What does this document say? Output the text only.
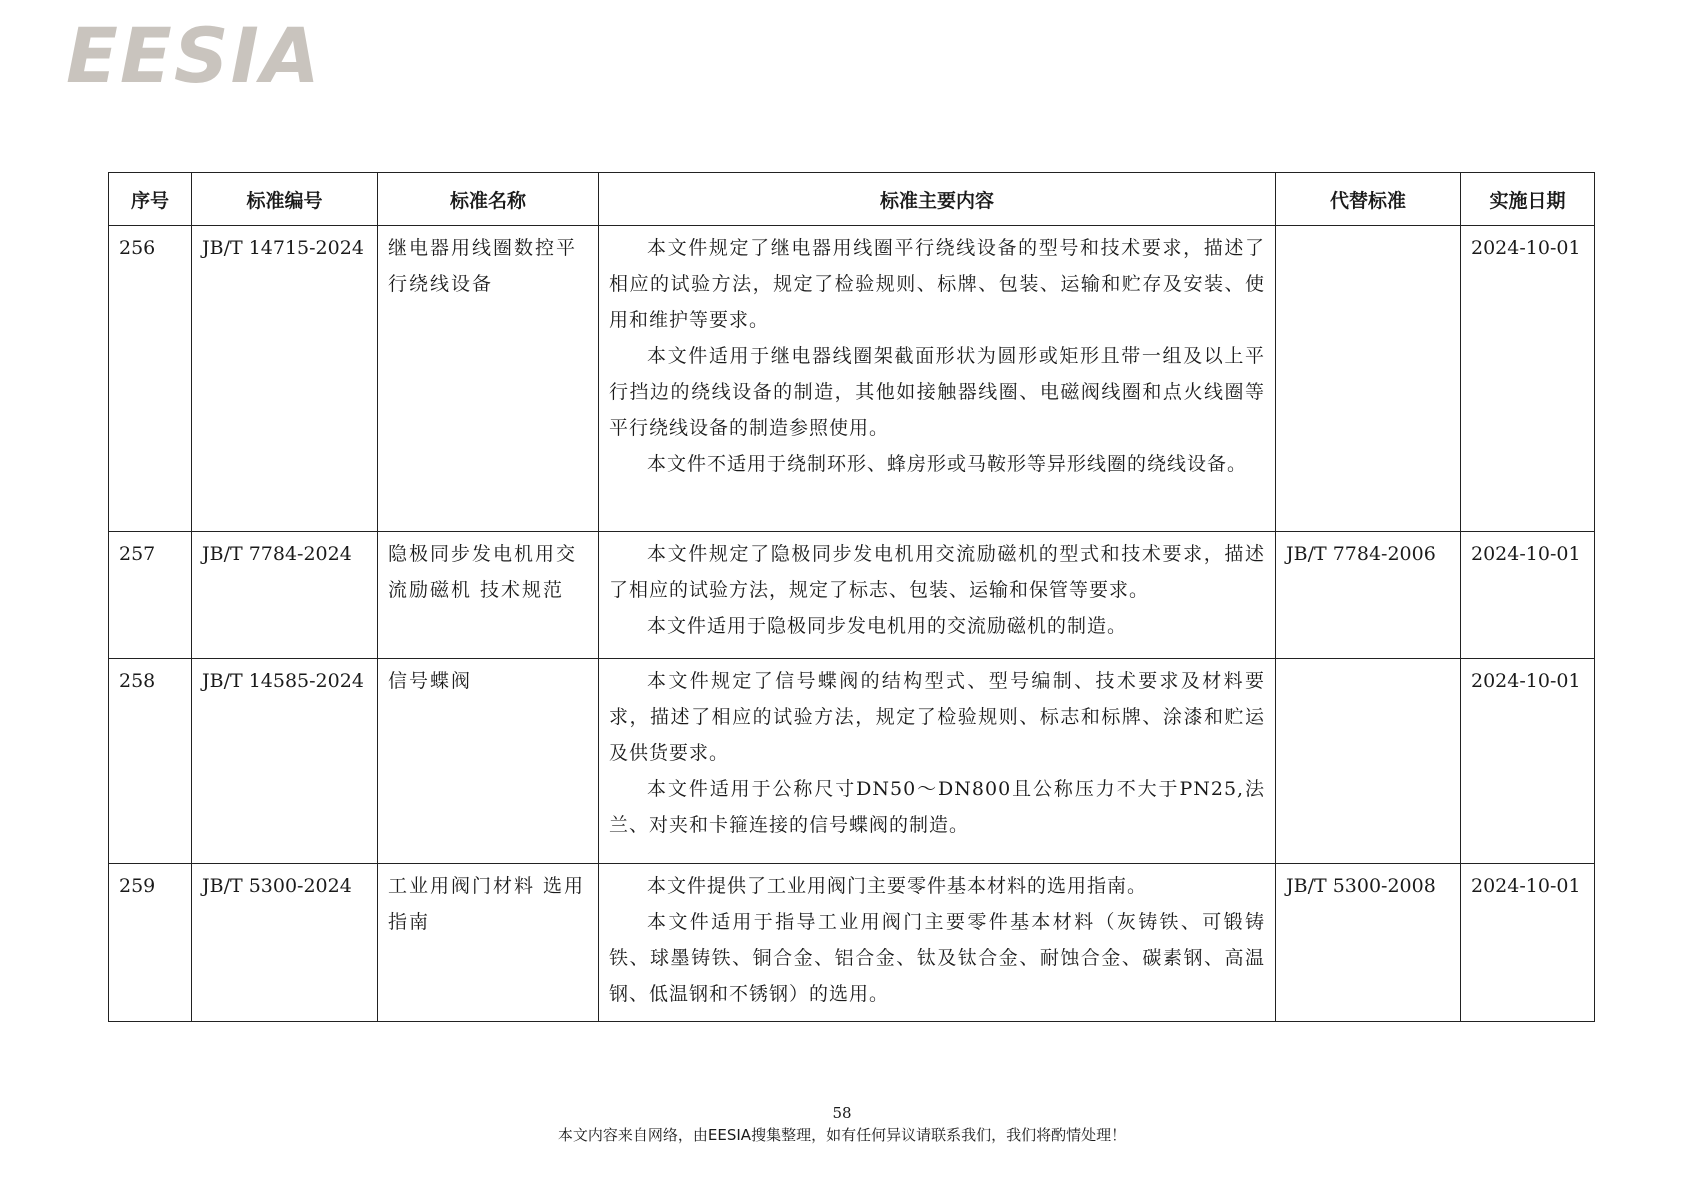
EESIA
序号	标准编号	标准名称	标准主要内容	代替标准	实施日期
256	JB/T 14715-2024	继电器用线圈数控平行绕线设备	本文件规定了继电器用线圈平行绕线设备的型号和技术要求，描述了相应的试验方法，规定了检验规则、标牌、包装、运输和贮存及安装、使用和维护等要求。

本文件适用于继电器线圈架截面形状为圆形或矩形且带一组及以上平行挡边的绕线设备的制造，其他如接触器线圈、电磁阀线圈和点火线圈等平行绕线设备的制造参照使用。

本文件不适用于绕制环形、蜂房形或马鞍形等异形线圈的绕线设备。		2024-10-01
257	JB/T 7784-2024	隐极同步发电机用交流励磁机 技术规范	本文件规定了隐极同步发电机用交流励磁机的型式和技术要求，描述了相应的试验方法，规定了标志、包装、运输和保管等要求。

本文件适用于隐极同步发电机用的交流励磁机的制造。	JB/T 7784-2006	2024-10-01
258	JB/T 14585-2024	信号蝶阀	本文件规定了信号蝶阀的结构型式、型号编制、技术要求及材料要求，描述了相应的试验方法，规定了检验规则、标志和标牌、涂漆和贮运及供货要求。

本文件适用于公称尺寸DN50～DN800且公称压力不大于PN25,法兰、对夹和卡箍连接的信号蝶阀的制造。		2024-10-01
259	JB/T 5300-2024	工业用阀门材料 选用指南	本文件提供了工业用阀门主要零件基本材料的选用指南。

本文件适用于指导工业用阀门主要零件基本材料（灰铸铁、可锻铸铁、球墨铸铁、铜合金、铝合金、钛及钛合金、耐蚀合金、碳素钢、高温钢、低温钢和不锈钢）的选用。	JB/T 5300-2008	2024-10-01
58
本文内容来自网络，由EESIA搜集整理，如有任何异议请联系我们，我们将酌情处理！
